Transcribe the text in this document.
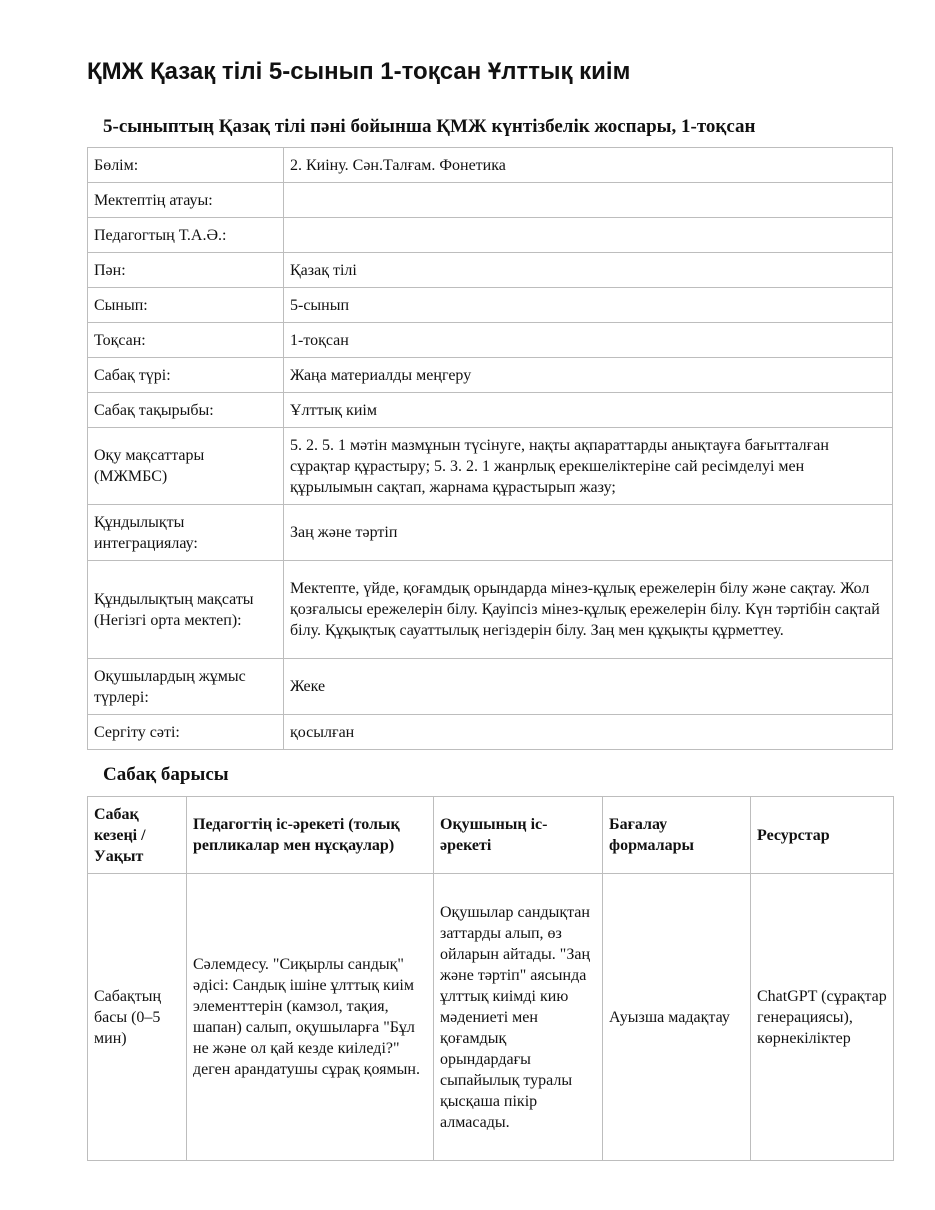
ҚМЖ Қазақ тілі 5-сынып 1-тоқсан Ұлттық киім
5-сыныптың Қазақ тілі пәні бойынша ҚМЖ күнтізбелік жоспары, 1-тоқсан
Бөлім:	2. Киіну. Сән.Талғам. Фонетика
Мектептің атауы:	
Педагогтың Т.А.Ә.:	
Пән:	Қазақ тілі
Сынып:	5-сынып
Тоқсан:	1-тоқсан
Сабақ түрі:	Жаңа материалды меңгеру
Сабақ тақырыбы:	Ұлттық киім
Оқу мақсаттары (МЖМБС)	5. 2. 5. 1 мәтін мазмұнын түсінуге, нақты ақпараттарды анықтауға бағытталған сұрақтар құрастыру; 5. 3. 2. 1 жанрлық ерекшеліктеріне сай ресімделуі мен құрылымын сақтап, жарнама құрастырып жазу;
Құндылықты интеграциялау:	Заң және тәртіп
Құндылықтың мақсаты (Негізгі орта мектеп):	Мектепте, үйде, қоғамдық орындарда мінез-құлық ережелерін білу және сақтау. Жол қозғалысы ережелерін білу. Қауіпсіз мінез-құлық ережелерін білу. Күн тәртібін сақтай білу. Құқықтық сауаттылық негіздерін білу. Заң мен құқықты құрметтеу.
Оқушылардың жұмыс түрлері:	Жеке
Сергіту сәті:	қосылған
Сабақ барысы
Сабақ кезеңі / Уақыт	Педагогтің іс-әрекеті (толық репликалар мен нұсқаулар)	Оқушының іс-әрекеті	Бағалау формалары	Ресурстар
Сабақтың басы (0–5 мин)	Сәлемдесу. "Сиқырлы сандық" әдісі: Сандық ішіне ұлттық киім элементтерін (камзол, тақия, шапан) салып, оқушыларға "Бұл не және ол қай кезде киіледі?" деген арандатушы сұрақ қоямын.	Оқушылар сандықтан заттарды алып, өз ойларын айтады. "Заң және тәртіп" аясында ұлттық киімді кию мәдениеті мен қоғамдық орындардағы сыпайылық туралы қысқаша пікір алмасады.	Ауызша мадақтау	ChatGPT (сұрақтар генерациясы), көрнекіліктер
